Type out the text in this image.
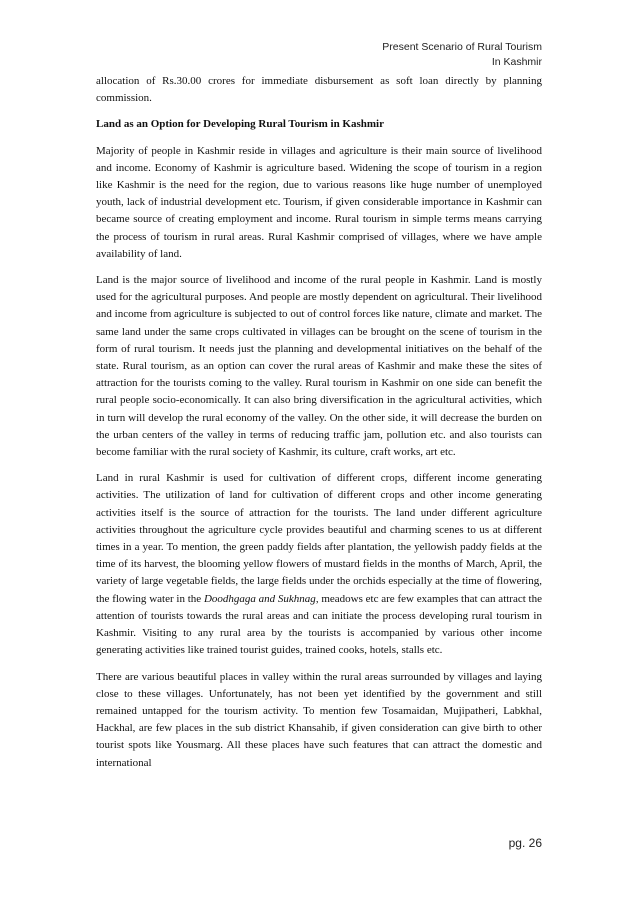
Present Scenario of Rural Tourism
In Kashmir

allocation of Rs.30.00 crores for immediate disbursement as soft loan directly by planning commission.

Land as an Option for Developing Rural Tourism in Kashmir

Majority of people in Kashmir reside in villages and agriculture is their main source of livelihood and income. Economy of Kashmir is agriculture based. Widening the scope of tourism in a region like Kashmir is the need for the region, due to various reasons like huge number of unemployed youth, lack of industrial development etc. Tourism, if given considerable importance in Kashmir can became source of creating employment and income. Rural tourism in simple terms means carrying the process of tourism in rural areas. Rural Kashmir comprised of villages, where we have ample availability of land.

Land is the major source of livelihood and income of the rural people in Kashmir. Land is mostly used for the agricultural purposes. And people are mostly dependent on agricultural. Their livelihood and income from agriculture is subjected to out of control forces like nature, climate and market. The same land under the same crops cultivated in villages can be brought on the scene of tourism in the form of rural tourism. It needs just the planning and developmental initiatives on the behalf of the state. Rural tourism, as an option can cover the rural areas of Kashmir and make these the sites of attraction for the tourists coming to the valley. Rural tourism in Kashmir on one side can benefit the rural people socio-economically. It can also bring diversification in the agricultural activities, which in turn will develop the rural economy of the valley. On the other side, it will decrease the burden on the urban centers of the valley in terms of reducing traffic jam, pollution etc. and also tourists can become familiar with the rural society of Kashmir, its culture, craft works, art etc.

Land in rural Kashmir is used for cultivation of different crops, different income generating activities. The utilization of land for cultivation of different crops and other income generating activities itself is the source of attraction for the tourists. The land under different agriculture activities throughout the agriculture cycle provides beautiful and charming scenes to us at different times in a year. To mention, the green paddy fields after plantation, the yellowish paddy fields at the time of its harvest, the blooming yellow flowers of mustard fields in the months of March, April, the variety of large vegetable fields, the large fields under the orchids especially at the time of flowering, the flowing water in the Doodhgaga and Sukhnag, meadows etc are few examples that can attract the attention of tourists towards the rural areas and can initiate the process developing rural tourism in Kashmir. Visiting to any rural area by the tourists is accompanied by various other income generating activities like trained tourist guides, trained cooks, hotels, stalls etc.

There are various beautiful places in valley within the rural areas surrounded by villages and laying close to these villages. Unfortunately, has not been yet identified by the government and still remained untapped for the tourism activity. To mention few Tosamaidan, Mujipatheri, Labkhal, Hackhal, are few places in the sub district Khansahib, if given consideration can give birth to other tourist spots like Yousmarg. All these places have such features that can attract the domestic and international

pg. 26
